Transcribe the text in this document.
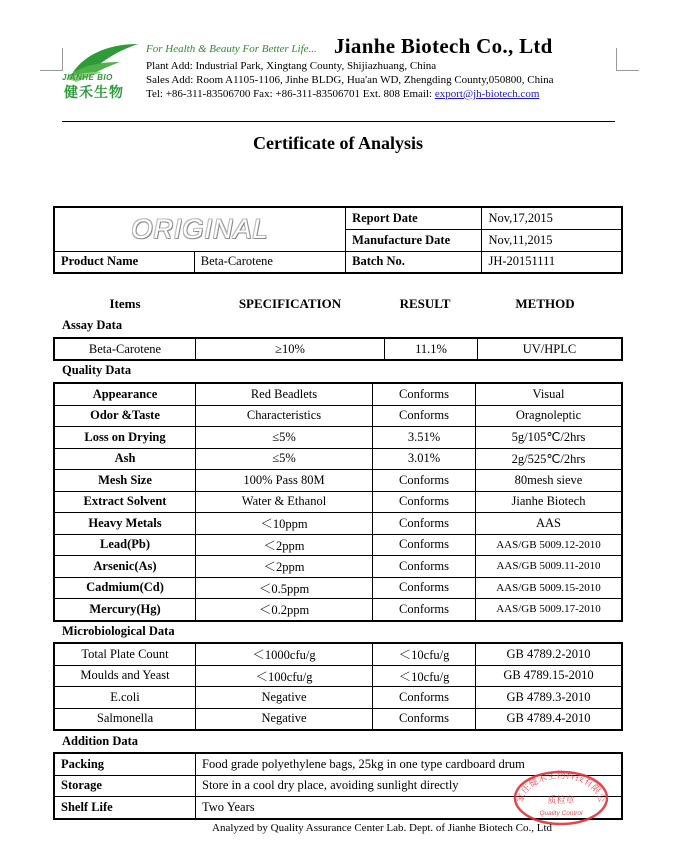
JIANHE BIO
健禾生物
For Health & Beauty For Better Life... Jianhe Biotech Co., Ltd
Plant Add: Industrial Park, Xingtang County, Shijiazhuang, China
Sales Add: Room A1105-1106, Jinhe BLDG, Hua'an WD, Zhengding County,050800, China
Tel: +86-311-83506700 Fax: +86-311-83506701 Ext. 808 Email: export@jh-biotech.com
Certificate of Analysis
ORIGINAL		Report Date	Nov,17,2015
		Manufacture Date	Nov,11,2015
Product Name	Beta-Carotene	Batch No.	JH-20151111
Items	SPECIFICATION	RESULT	METHOD
Assay Data
Beta-Carotene	≥10%	11.1%	UV/HPLC
Quality Data
Appearance	Red Beadlets	Conforms	Visual
Odor &Taste	Characteristics	Conforms	Oragnoleptic
Loss on Drying	≤5%	3.51%	5g/105℃/2hrs
Ash	≤5%	3.01%	2g/525℃/2hrs
Mesh Size	100% Pass 80M	Conforms	80mesh sieve
Extract Solvent	Water & Ethanol	Conforms	Jianhe Biotech
Heavy Metals	＜10ppm	Conforms	AAS
Lead(Pb)	＜2ppm	Conforms	AAS/GB 5009.12-2010
Arsenic(As)	＜2ppm	Conforms	AAS/GB 5009.11-2010
Cadmium(Cd)	＜0.5ppm	Conforms	AAS/GB 5009.15-2010
Mercury(Hg)	＜0.2ppm	Conforms	AAS/GB 5009.17-2010
Microbiological Data
Total Plate Count	＜1000cfu/g	＜10cfu/g	GB 4789.2-2010
Moulds and Yeast	＜100cfu/g	＜10cfu/g	GB 4789.15-2010
E.coli	Negative	Conforms	GB 4789.3-2010
Salmonella	Negative	Conforms	GB 4789.4-2010
Addition Data
Packing	Food grade polyethylene bags, 25kg in one type cardboard drum
Storage	Store in a cool dry place, avoiding sunlight directly
Shelf Life	Two Years
家庄健禾生物科技有限公
质检章
Quality Control
Analyzed by Quality Assurance Center Lab. Dept. of Jianhe Biotech Co., Ltd
